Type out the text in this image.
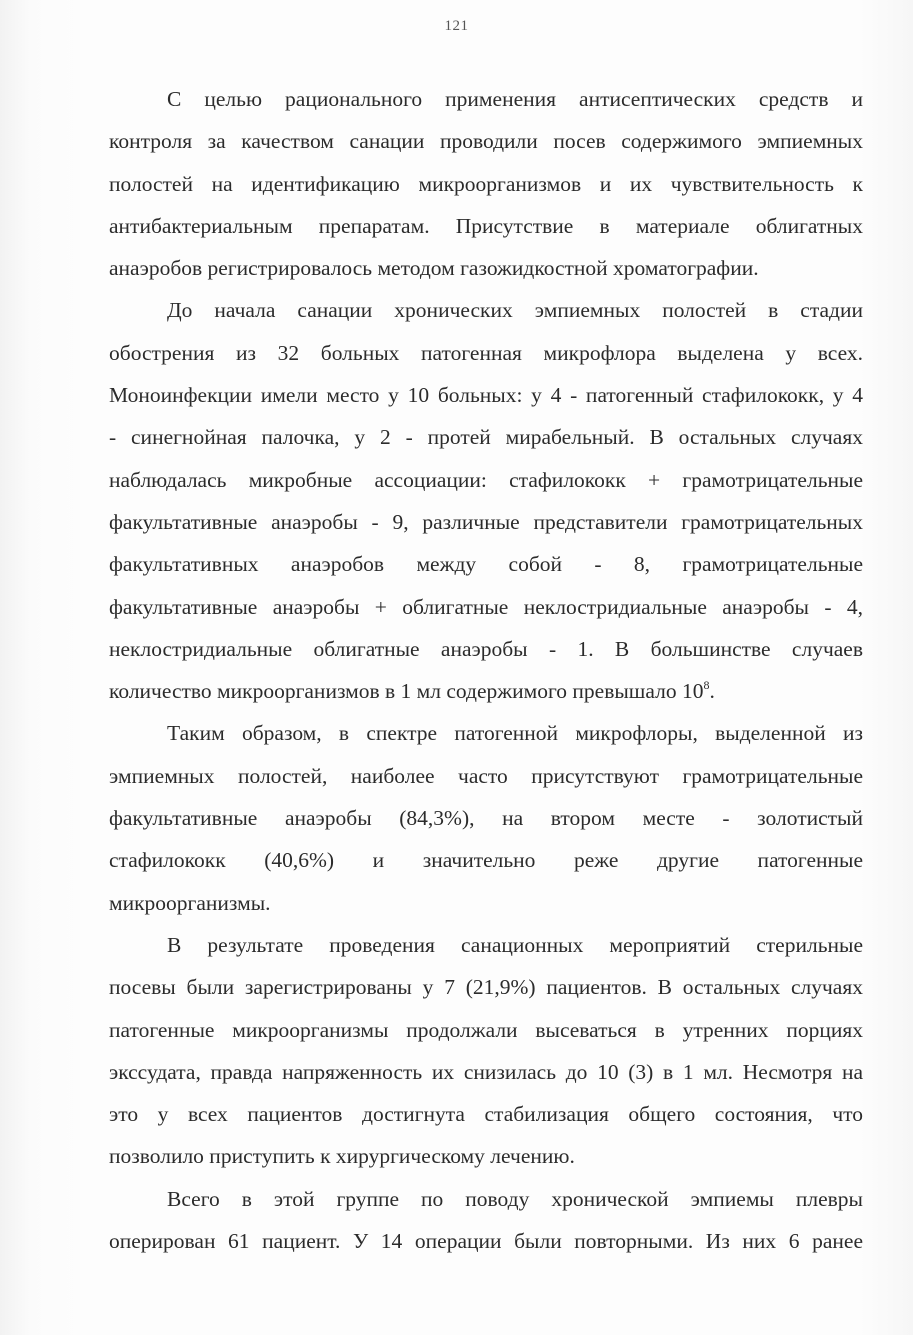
121
С целью рационального применения антисептических средств и
контроля за качеством санации проводили посев содержимого эмпиемных
полостей на идентификацию микроорганизмов и их чувствительность к
антибактериальным препаратам. Присутствие в материале облигатных
анаэробов регистрировалось методом газожидкостной хроматографии.
До начала санации хронических эмпиемных полостей в стадии
обострения из 32 больных патогенная микрофлора выделена у всех.
Моноинфекции имели место у 10 больных: у 4 - патогенный стафилококк, у 4
- синегнойная палочка, у 2 - протей мирабельный. В остальных случаях
наблюдалась микробные ассоциации: стафилококк + грамотрицательные
факультативные анаэробы - 9, различные представители грамотрицательных
факультативных анаэробов между собой - 8, грамотрицательные
факультативные анаэробы + облигатные неклостридиальные анаэробы - 4,
неклостридиальные облигатные анаэробы - 1. В большинстве случаев
количество микроорганизмов в 1 мл содержимого превышало $10^8$.
Таким образом, в спектре патогенной микрофлоры, выделенной из
эмпиемных полостей, наиболее часто присутствуют грамотрицательные
факультативные анаэробы (84,3%), на втором месте - золотистый
стафилококк (40,6%) и значительно реже другие патогенные
микроорганизмы.
В результате проведения санационных мероприятий стерильные
посевы были зарегистрированы у 7 (21,9%) пациентов. В остальных случаях
патогенные микроорганизмы продолжали высеваться в утренних порциях
экссудата, правда напряженность их снизилась до 10 (3) в 1 мл. Несмотря на
это у всех пациентов достигнута стабилизация общего состояния, что
позволило приступить к хирургическому лечению.
Всего в этой группе по поводу хронической эмпиемы плевры
оперирован 61 пациент. У 14 операции были повторными. Из них 6 ранее
